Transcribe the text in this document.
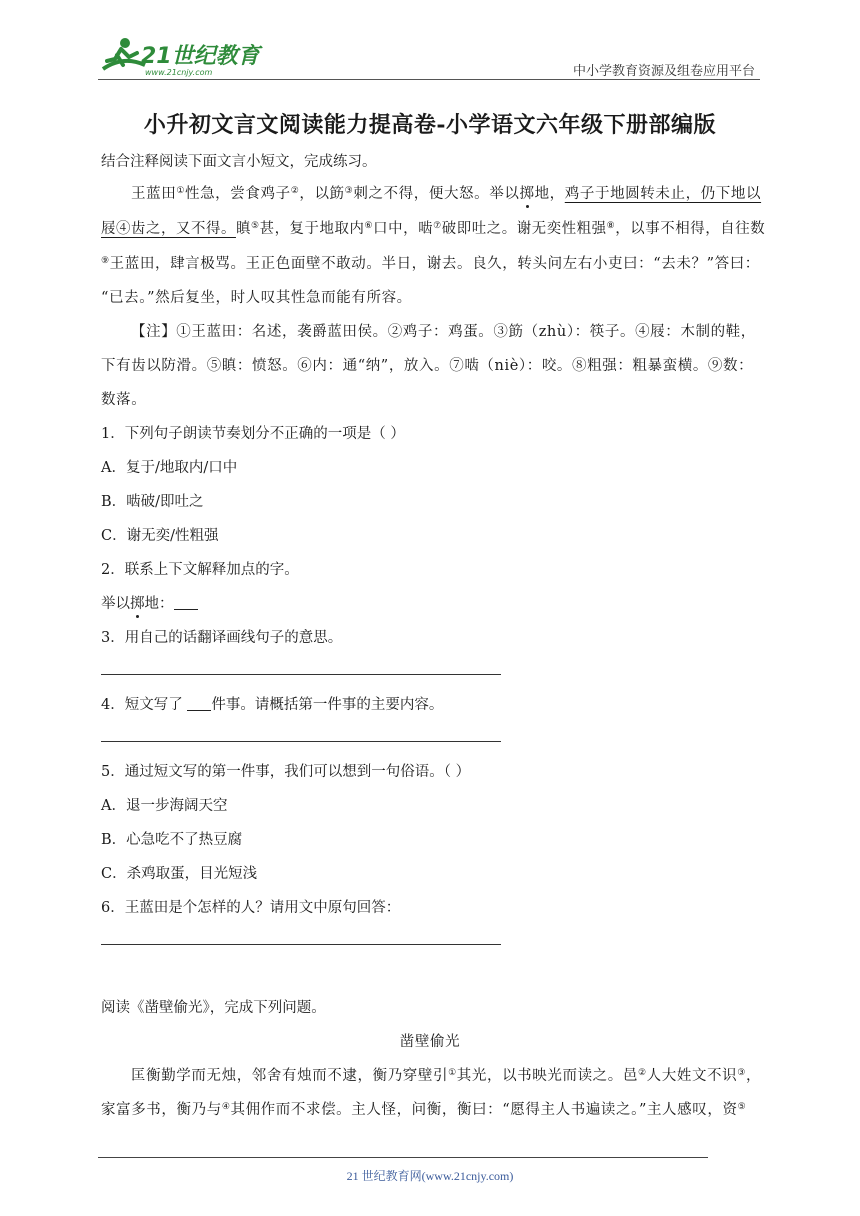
21世纪教育
www.21cnjy.com	中小学教育资源及组卷应用平台
小升初文言文阅读能力提高卷-小学语文六年级下册部编版
结合注释阅读下面文言小短文，完成练习。
王蓝田①性急，尝食鸡子②，以筯③刺之不得，便大怒。举以掷地，鸡子于地圆转未止，仍下地以
屐④齿之，又不得。瞋⑤甚，复于地取内⑥口中，啮⑦破即吐之。谢无奕性粗强⑧，以事不相得，自往数
⑨王蓝田，肆言极骂。王正色面壁不敢动。半日，谢去。良久，转头问左右小吏曰：“去未？”答曰：
“已去。”然后复坐，时人叹其性急而能有所容。
【注】①王蓝田：名述，袭爵蓝田侯。②鸡子：鸡蛋。③筯（zhù）：筷子。④屐：木制的鞋，
下有齿以防滑。⑤瞋：愤怒。⑥内：通“纳”，放入。⑦啮（niè）：咬。⑧粗强：粗暴蛮横。⑨数：
数落。
1．下列句子朗读节奏划分不正确的一项是（ ）
A．复于/地取内/口中
B．啮破/即吐之
C．谢无奕/性粗强
2．联系上下文解释加点的字。
举以掷地：
3．用自己的话翻译画线句子的意思。
4．短文写了 件事。请概括第一件事的主要内容。
5．通过短文写的第一件事，我们可以想到一句俗语。（ ）
A．退一步海阔天空
B．心急吃不了热豆腐
C．杀鸡取蛋，目光短浅
6．王蓝田是个怎样的人？请用文中原句回答：
阅读《凿壁偷光》，完成下列问题。
凿壁偷光
匡衡勤学而无烛，邻舍有烛而不逮，衡乃穿壁引①其光，以书映光而读之。邑②人大姓文不识③，
家富多书，衡乃与④其佣作而不求偿。主人怪，问衡，衡曰：“愿得主人书遍读之。”主人感叹，资⑤
21 世纪教育网(www.21cnjy.com)
